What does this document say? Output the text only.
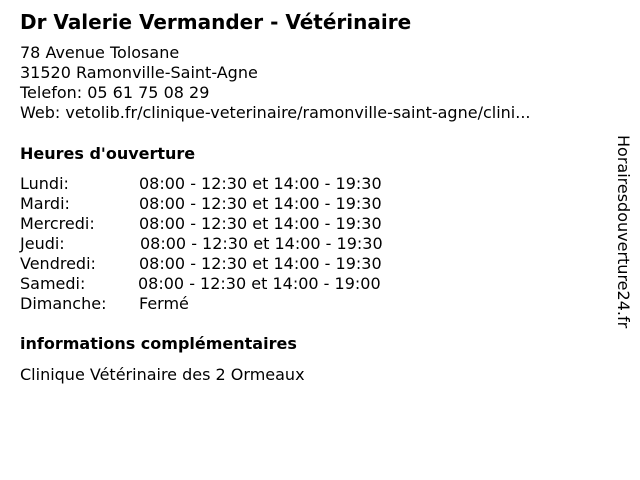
Dr Valerie Vermander - Vétérinaire
78 Avenue Tolosane
31520 Ramonville-Saint-Agne
Telefon: 05 61 75 08 29
Web: vetolib.fr/clinique-veterinaire/ramonville-saint-agne/clini...
Heures d'ouverture
Lundi:	08:00 - 12:30 et 14:00 - 19:30
Mardi:	08:00 - 12:30 et 14:00 - 19:30
Mercredi:	08:00 - 12:30 et 14:00 - 19:30
Jeudi:	08:00 - 12:30 et 14:00 - 19:30
Vendredi:	08:00 - 12:30 et 14:00 - 19:30
Samedi:	08:00 - 12:30 et 14:00 - 19:00
Dimanche: Fermé
informations complémentaires
Clinique Vétérinaire des 2 Ormeaux
Horairesdouverture24.fr
